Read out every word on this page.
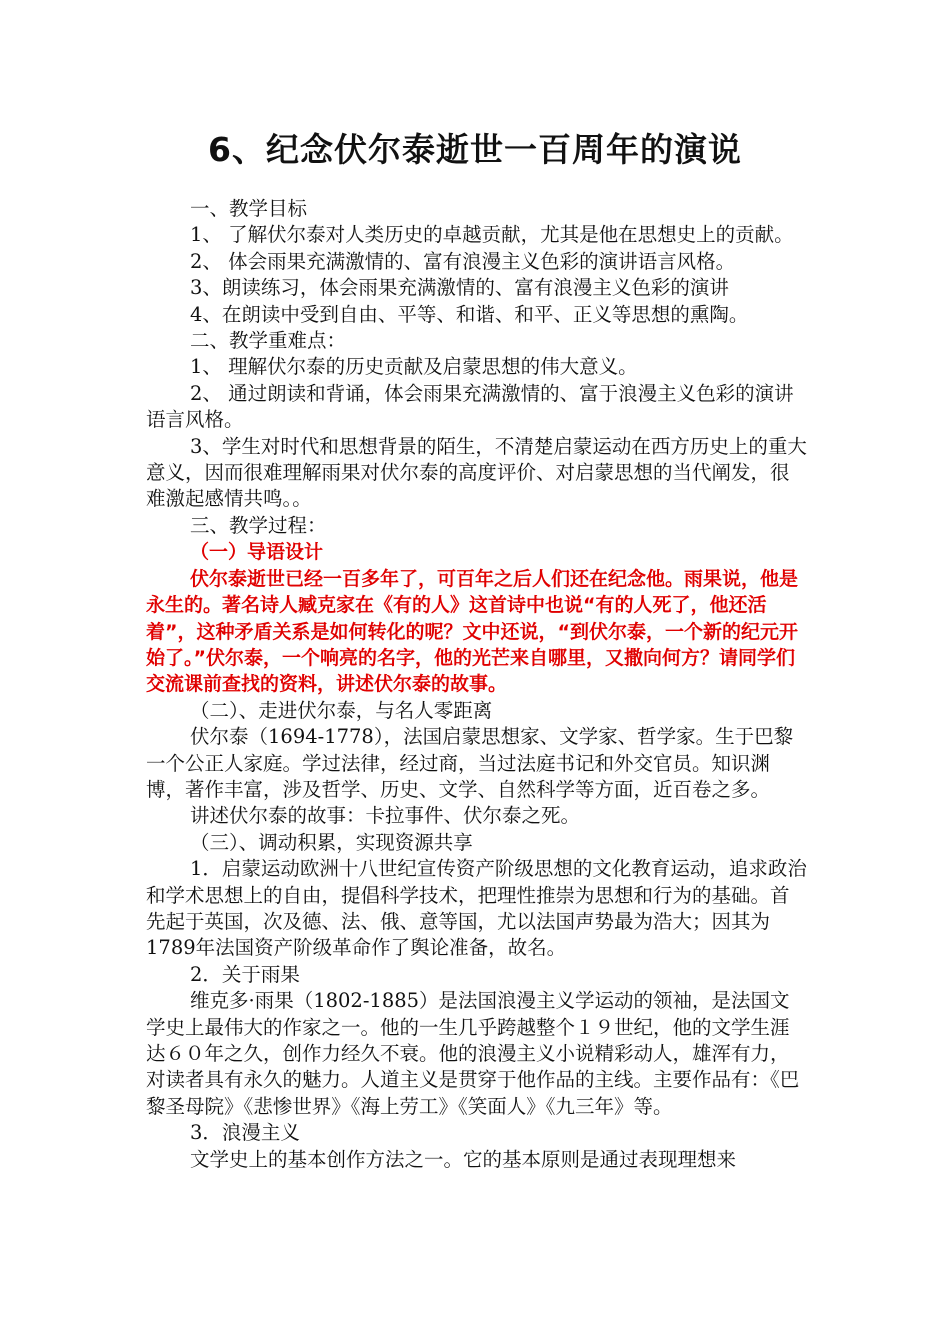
6、纪念伏尔泰逝世一百周年的演说

一、教学目标

1、 了解伏尔泰对人类历史的卓越贡献，尤其是他在思想史上的贡献。

2、 体会雨果充满激情的、富有浪漫主义色彩的演讲语言风格。

3、朗读练习，体会雨果充满激情的、富有浪漫主义色彩的演讲

4、在朗读中受到自由、平等、和谐、和平、正义等思想的熏陶。

二、教学重难点：

1、 理解伏尔泰的历史贡献及启蒙思想的伟大意义。

2、 通过朗读和背诵，体会雨果充满激情的、富于浪漫主义色彩的演讲语言风格。

3、学生对时代和思想背景的陌生，不清楚启蒙运动在西方历史上的重大意义，因而很难理解雨果对伏尔泰的高度评价、对启蒙思想的当代阐发，很难激起感情共鸣。。

三、教学过程：

（一）导语设计

伏尔泰逝世已经一百多年了，可百年之后人们还在纪念他。雨果说，他是永生的。著名诗人臧克家在《有的人》这首诗中也说“有的人死了，他还活着”，这种矛盾关系是如何转化的呢？文中还说，“到伏尔泰，一个新的纪元开始了。”伏尔泰，一个响亮的名字，他的光芒来自哪里，又撒向何方？请同学们交流课前查找的资料，讲述伏尔泰的故事。

（二）、走进伏尔泰，与名人零距离

伏尔泰（1694-1778），法国启蒙思想家、文学家、哲学家。生于巴黎一个公正人家庭。学过法律，经过商，当过法庭书记和外交官员。知识渊博，著作丰富，涉及哲学、历史、文学、自然科学等方面，近百卷之多。

讲述伏尔泰的故事：卡拉事件、伏尔泰之死。

（三）、调动积累，实现资源共享

1．启蒙运动欧洲十八世纪宣传资产阶级思想的文化教育运动，追求政治和学术思想上的自由，提倡科学技术，把理性推崇为思想和行为的基础。首先起于英国，次及德、法、俄、意等国，尤以法国声势最为浩大；因其为1789年法国资产阶级革命作了舆论准备，故名。

2．关于雨果

维克多·雨果（1802-1885）是法国浪漫主义学运动的领袖，是法国文学史上最伟大的作家之一。他的一生几乎跨越整个１９世纪，他的文学生涯达６０年之久，创作力经久不衰。他的浪漫主义小说精彩动人，雄浑有力，对读者具有永久的魅力。人道主义是贯穿于他作品的主线。主要作品有：《巴黎圣母院》《悲惨世界》《海上劳工》《笑面人》《九三年》等。

3．浪漫主义

文学史上的基本创作方法之一。它的基本原则是通过表现理想来
